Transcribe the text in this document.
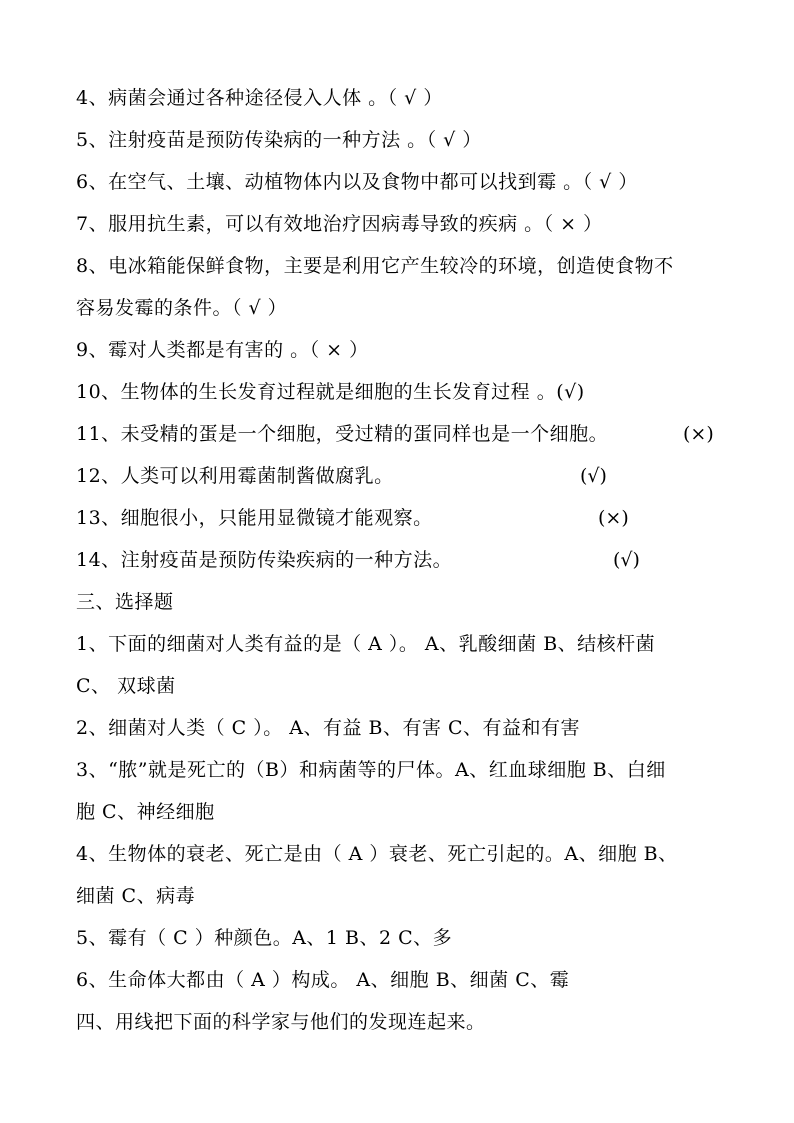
4、病菌会通过各种途径侵入人体 。（ √ ）
5、注射疫苗是预防传染病的一种方法 。（ √ ）
6、在空气、土壤、动植物体内以及食物中都可以找到霉 。（ √ ）
7、服用抗生素，可以有效地治疗因病毒导致的疾病 。（ × ）
8、电冰箱能保鲜食物，主要是利用它产生较冷的环境，创造使食物不
容易发霉的条件。（ √ ）
9、霉对人类都是有害的 。（ × ）
10、生物体的生长发育过程就是细胞的生长发育过程 。(√)
11、未受精的蛋是一个细胞，受过精的蛋同样也是一个细胞。	(×)
12、人类可以利用霉菌制酱做腐乳。	(√)
13、细胞很小，只能用显微镜才能观察。	(×)
14、注射疫苗是预防传染疾病的一种方法。	(√)
三、选择题
1、下面的细菌对人类有益的是（ A ）。 A、乳酸细菌 B、结核杆菌
C、 双球菌
2、细菌对人类（ C ）。 A、有益 B、有害 C、有益和有害
3、“脓”就是死亡的（B）和病菌等的尸体。A、红血球细胞 B、白细
胞 C、神经细胞
4、生物体的衰老、死亡是由（ A ）衰老、死亡引起的。A、细胞 B、
细菌 C、病毒
5、霉有（ C ）种颜色。A、1 B、2 C、多
6、生命体大都由（ A ）构成。 A、细胞 B、细菌 C、霉
四、用线把下面的科学家与他们的发现连起来。
